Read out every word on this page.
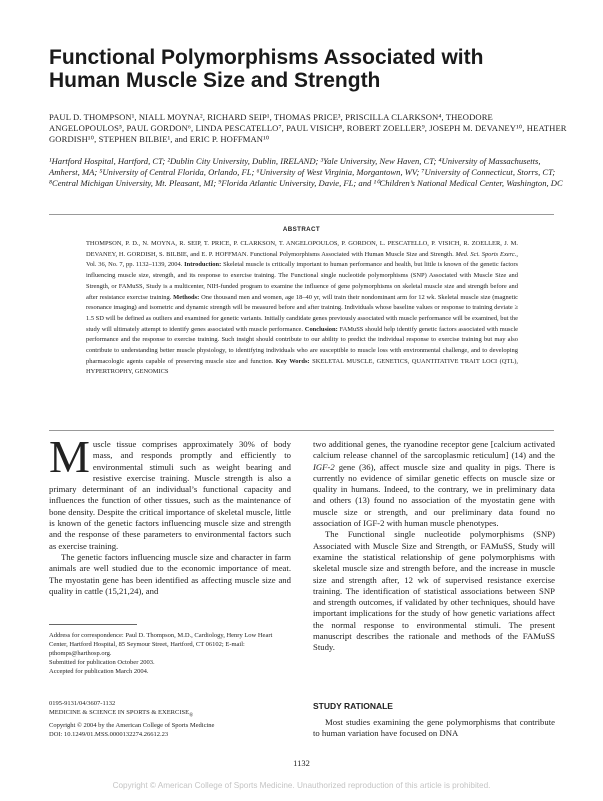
Functional Polymorphisms Associated with
Human Muscle Size and Strength
PAUL D. THOMPSON¹, NIALL MOYNA², RICHARD SEIP¹, THOMAS PRICE³, PRISCILLA CLARKSON⁴, THEODORE ANGELOPOULOS⁵, PAUL GORDON⁶, LINDA PESCATELLO⁷, PAUL VISICH⁸, ROBERT ZOELLER⁹, JOSEPH M. DEVANEY¹⁰, HEATHER GORDISH¹⁰, STEPHEN BILBIE¹, and ERIC P. HOFFMAN¹⁰
¹Hartford Hospital, Hartford, CT; ²Dublin City University, Dublin, IRELAND; ³Yale University, New Haven, CT; ⁴University of Massachusetts, Amherst, MA; ⁵University of Central Florida, Orlando, FL; ⁶University of West Virginia, Morgantown, WV; ⁷University of Connecticut, Storrs, CT; ⁸Central Michigan University, Mt. Pleasant, MI; ⁹Florida Atlantic University, Davie, FL; and ¹⁰Children’s National Medical Center, Washington, DC
ABSTRACT
THOMPSON, P. D., N. MOYNA, R. SEIP, T. PRICE, P. CLARKSON, T. ANGELOPOULOS, P. GORDON, L. PESCATELLO, P. VISICH, R. ZOELLER, J. M. DEVANEY, H. GORDISH, S. BILBIE, and E. P. HOFFMAN. Functional Polymorphisms Associated with Human Muscle Size and Strength. Med. Sci. Sports Exerc., Vol. 36, No. 7, pp. 1132–1139, 2004. Introduction: Skeletal muscle is critically important to human performance and health, but little is known of the genetic factors influencing muscle size, strength, and its response to exercise training. The Functional single nucleotide polymorphisms (SNP) Associated with Muscle Size and Strength, or FAMuSS, Study is a multicenter, NIH-funded program to examine the influence of gene polymorphisms on skeletal muscle size and strength before and after resistance exercise training. Methods: One thousand men and women, age 18–40 yr, will train their nondominant arm for 12 wk. Skeletal muscle size (magnetic resonance imaging) and isometric and dynamic strength will be measured before and after training. Individuals whose baseline values or response to training deviate ≥ 1.5 SD will be defined as outliers and examined for genetic variants. Initially candidate genes previously associated with muscle performance will be examined, but the study will ultimately attempt to identify genes associated with muscle performance. Conclusion: FAMuSS should help identify genetic factors associated with muscle performance and the response to exercise training. Such insight should contribute to our ability to predict the individual response to exercise training but may also contribute to understanding better muscle physiology, to identifying individuals who are susceptible to muscle loss with environmental challenge, and to developing pharmacologic agents capable of preserving muscle size and function. Key Words: SKELETAL MUSCLE, GENETICS, QUANTITATIVE TRAIT LOCI (QTL), HYPERTROPHY, GENOMICS

Muscle tissue comprises approximately 30% of body mass, and responds promptly and efficiently to environmental stimuli such as weight bearing and resistive exercise training. Muscle strength is also a primary determinant of an individual’s functional capacity and influences the function of other tissues, such as the maintenance of bone density. Despite the critical importance of skeletal muscle, little is known of the genetic factors influencing muscle size and strength and the response of these parameters to environmental factors such as exercise training.

The genetic factors influencing muscle size and character in farm animals are well studied due to the economic importance of meat. The myostatin gene has been identified as affecting muscle size and quality in cattle (15,21,24), and

Address for correspondence: Paul D. Thompson, M.D., Cardiology, Henry Low Heart Center, Hartford Hospital, 85 Seymour Street, Hartford, CT 06102; E-mail: pthomps@harthosp.org.

Submitted for publication October 2003.

Accepted for publication March 2004.

0195-9131/04/3607-1132

MEDICINE & SCIENCE IN SPORTS & $EXERCISE_®$

Copyright © 2004 by the American College of Sports Medicine

DOI: 10.1249/01.MSS.0000132274.26612.23

two additional genes, the ryanodine receptor gene [calcium activated calcium release channel of the sarcoplasmic reticulum] (14) and the IGF-2 gene (36), affect muscle size and quality in pigs. There is currently no evidence of similar genetic effects on muscle size or quality in humans. Indeed, to the contrary, we in preliminary data and others (13) found no association of the myostatin gene with muscle size or strength, and our preliminary data found no association of IGF-2 with human muscle phenotypes.

The Functional single nucleotide polymorphisms (SNP) Associated with Muscle Size and Strength, or FAMuSS, Study will examine the statistical relationship of gene polymorphisms with skeletal muscle size and strength before, and the increase in muscle size and strength after, 12 wk of supervised resistance exercise training. The identification of statistical associations between SNP and strength outcomes, if validated by other techniques, should have important implications for the study of how genetic variations affect the normal response to environmental stimuli. The present manuscript describes the rationale and methods of the FAMuSS Study.

STUDY RATIONALE

Most studies examining the gene polymorphisms that contribute to human variation have focused on DNA

1132
Copyright © American College of Sports Medicine. Unauthorized reproduction of this article is prohibited.
